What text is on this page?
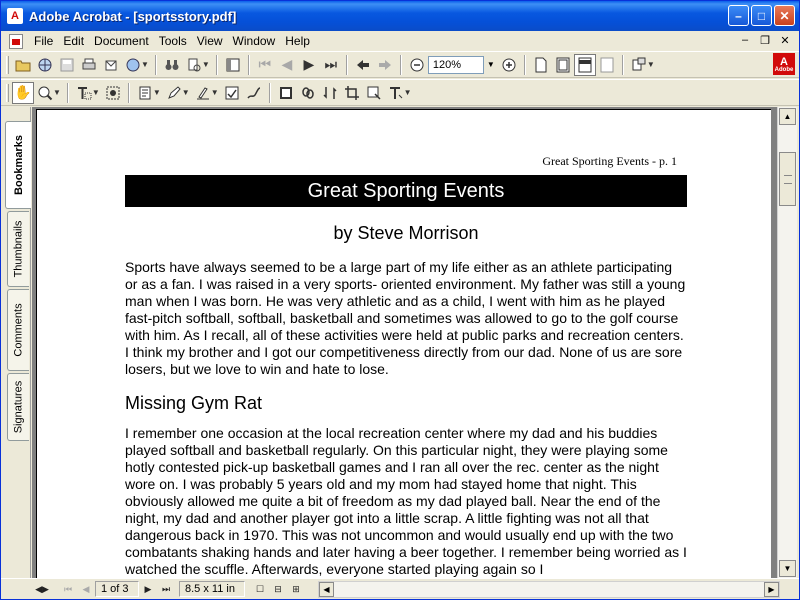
A Adobe Acrobat - [sportsstory.pdf]	–	□	✕
File Edit Document Tools View Window Help	–	❐ ✕
▼	▼	⏮ ◀ ▶ ⏭	120%	▼	▼	A
Adobe
✋	▼	▼	▼	▼	▼	▼
Bookmarks
Thumbnails
Comments
Signatures
Great Sporting Events - p. 1
Great Sporting Events
by Steve Morrison
Sports have always seemed to be a large part of my life either as an athlete participating or as a fan. I was raised in a very sports- oriented environment. My father was still a young man when I was born. He was very athletic and as a child, I went with him as he played fast-pitch softball, softball, basketball and sometimes was allowed to go to the golf course with him. As I recall, all of these activities were held at public parks and recreation centers. I think my brother and I got our competitiveness directly from our dad. None of us are sore losers, but we love to win and hate to lose.
Missing Gym Rat
I remember one occasion at the local recreation center where my dad and his buddies played softball and basketball regularly. On this particular night, they were playing some hotly contested pick-up basketball games and I ran all over the rec. center as the night wore on. I was probably 5 years old and my mom had stayed home that night. This obviously allowed me quite a bit of freedom as my dad played ball. Near the end of the night, my dad and another player got into a little scrap. A little fighting was not all that dangerous back in 1970. This was not uncommon and would usually end up with the two combatants shaking hands and later having a beer together. I remember being worried as I watched the scuffle. Afterwards, everyone started playing again so I
▲
▼
◀▶	⏮	◀	1 of 3	▶	⏭	8.5 x 11 in	☐	⊟	⊞	◀	▶
